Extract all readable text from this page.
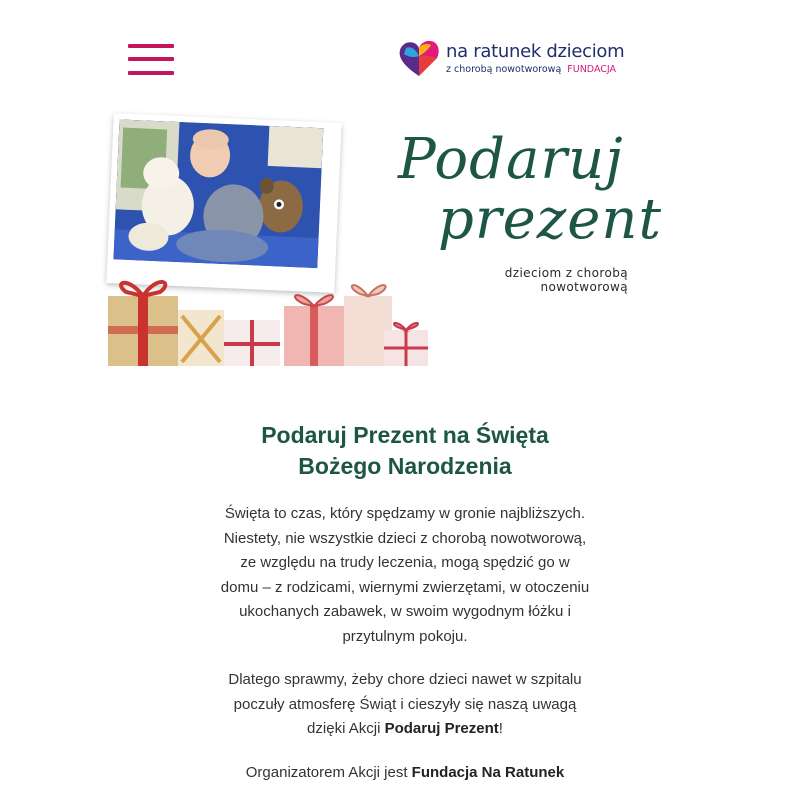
na ratunek dzieciom
z chorobą nowotworową FUNDACJA
Podaruj
prezent
dzieciom z chorobą
nowotworową
Podaruj Prezent na Święta
Bożego Narodzenia

Święta to czas, który spędzamy w gronie najbliższych. Niestety, nie wszystkie dzieci z chorobą nowotworową, ze względu na trudy leczenia, mogą spędzić go w domu – z rodzicami, wiernymi zwierzętami, w otoczeniu ukochanych zabawek, w swoim wygodnym łóżku i przytulnym pokoju.

Dlatego sprawmy, żeby chore dzieci nawet w szpitalu poczuły atmosferę Świąt i cieszyły się naszą uwagą dzięki Akcji Podaruj Prezent!

Organizatorem Akcji jest Fundacja Na Ratunek
